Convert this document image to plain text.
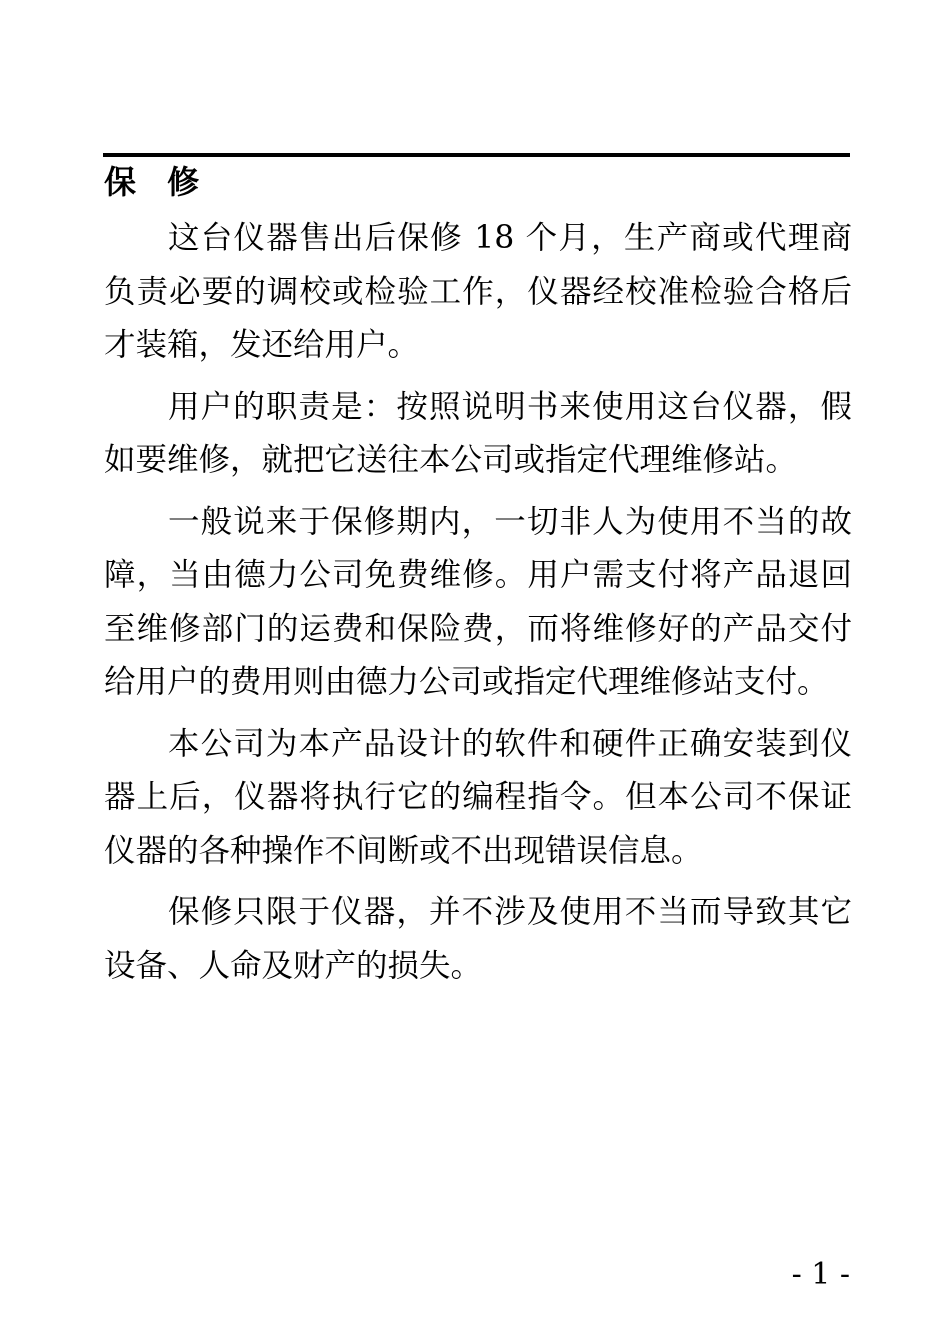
保 修

这台仪器售出后保修 18 个月，生产商或代理商负责必要的调校或检验工作，仪器经校准检验合格后才装箱，发还给用户。

用户的职责是：按照说明书来使用这台仪器，假如要维修，就把它送往本公司或指定代理维修站。

一般说来于保修期内，一切非人为使用不当的故障，当由德力公司免费维修。用户需支付将产品退回至维修部门的运费和保险费，而将维修好的产品交付给用户的费用则由德力公司或指定代理维修站支付。

本公司为本产品设计的软件和硬件正确安装到仪器上后，仪器将执行它的编程指令。但本公司不保证仪器的各种操作不间断或不出现错误信息。

保修只限于仪器，并不涉及使用不当而导致其它设备、人命及财产的损失。

- 1 -
